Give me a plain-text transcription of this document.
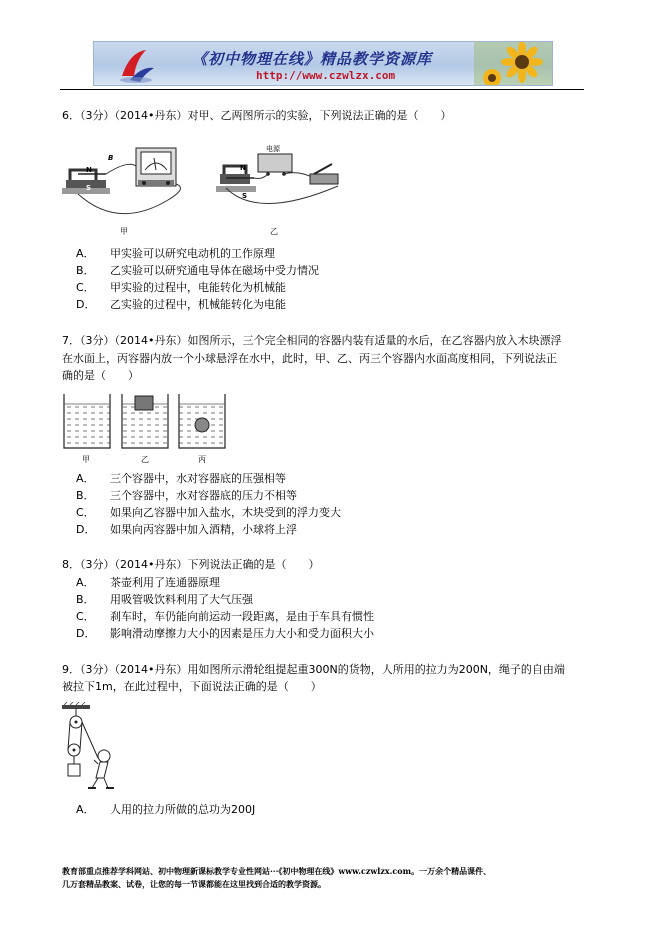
《初中物理在线》精品教学资源库
http://www.czwlzx.com
6．（3分）（2014•丹东）对甲、乙两图所示的实验，下列说法正确的是（　　）
N
S
B
甲
电源
N
S
乙
A． 甲实验可以研究电动机的工作原理
B． 乙实验可以研究通电导体在磁场中受力情况
C． 甲实验的过程中，电能转化为机械能
D． 乙实验的过程中，机械能转化为电能
7．（3分）（2014•丹东）如图所示，三个完全相同的容器内装有适量的水后，在乙容器内放入木块漂浮
在水面上，丙容器内放一个小球悬浮在水中，此时，甲、乙、丙三个容器内水面高度相同，下列说法正
确的是（　　）
甲	乙	丙
A． 三个容器中，水对容器底的压强相等
B． 三个容器中，水对容器底的压力不相等
C． 如果向乙容器中加入盐水，木块受到的浮力变大
D． 如果向丙容器中加入酒精，小球将上浮
8．（3分）（2014•丹东）下列说法正确的是（　　）
A． 茶壶利用了连通器原理
B． 用吸管吸饮料利用了大气压强
C． 刹车时，车仍能向前运动一段距离，是由于车具有惯性
D． 影响滑动摩擦力大小的因素是压力大小和受力面积大小
9．（3分）（2014•丹东）用如图所示滑轮组提起重300N的货物，人所用的拉力为200N，绳子的自由端
被拉下1m，在此过程中，下面说法正确的是（　　）
A． 人用的拉力所做的总功为200J
教育部重点推荐学科网站、初中物理新课标教学专业性网站···《初中物理在线》www.czwlzx.com。一万余个精品课件、
几万套精品教案、试卷，让您的每一节课都能在这里找到合适的教学资源。
